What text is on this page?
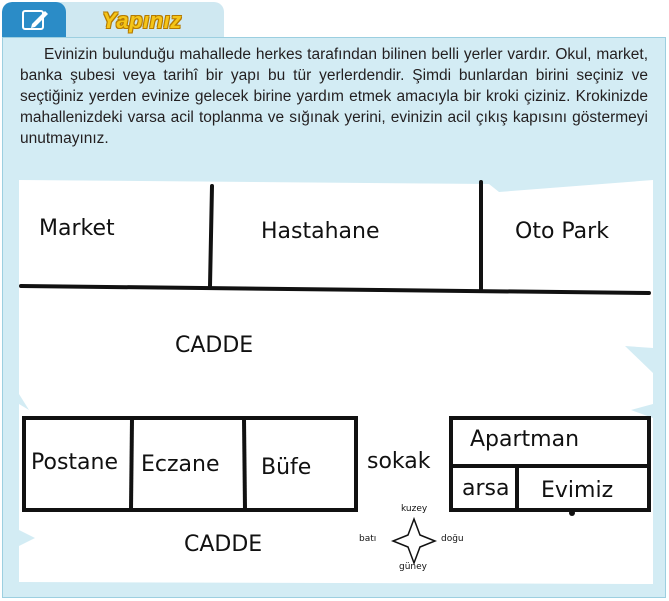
Yapınız

Evinizin bulunduğu mahallede herkes tarafından bilinen belli yerler vardır. Okul, market, banka şubesi veya tarihî bir yapı bu tür yerlerdendir. Şimdi bunlardan birini seçiniz ve seçtiğiniz yerden evinize gelecek birine yardım etmek amacıyla bir kroki çiziniz. Krokinizde mahallenizdeki varsa acil toplanma ve sığınak yerini, evinizin acil çıkış kapısını göstermeyi unutmayınız.

Market	Hastahane	Oto Park
CADDE
Postane Eczane Büfe	sokak
Apartman
arsa Evimiz
CADDE
kuzey
güney
batı	doğu
